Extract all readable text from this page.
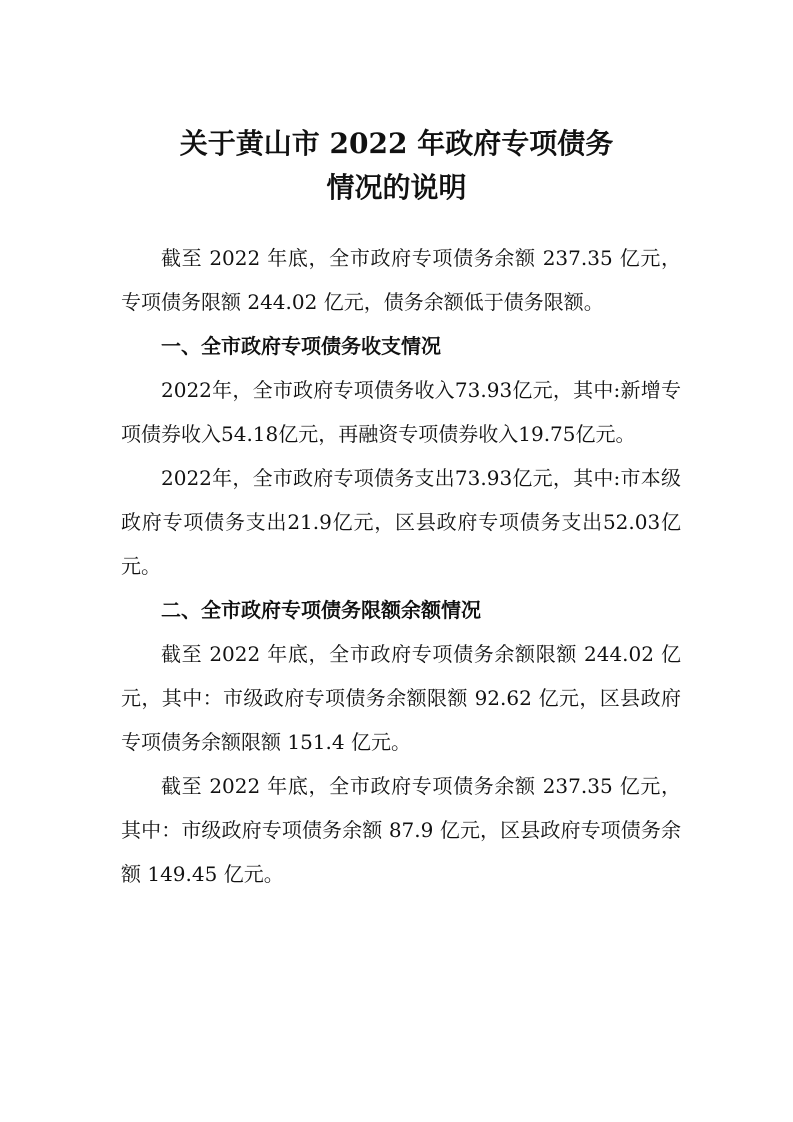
关于黄山市 2022 年政府专项债务
情况的说明

截至 2022 年底，全市政府专项债务余额 237.35 亿元，专项债务限额 244.02 亿元，债务余额低于债务限额。

一、全市政府专项债务收支情况

2022年，全市政府专项债务收入73.93亿元，其中:新增专项债券收入54.18亿元，再融资专项债券收入19.75亿元。

2022年，全市政府专项债务支出73.93亿元，其中:市本级政府专项债务支出21.9亿元，区县政府专项债务支出52.03亿元。

二、全市政府专项债务限额余额情况

截至 2022 年底，全市政府专项债务余额限额 244.02 亿元，其中：市级政府专项债务余额限额 92.62 亿元，区县政府专项债务余额限额 151.4 亿元。

截至 2022 年底，全市政府专项债务余额 237.35 亿元，其中：市级政府专项债务余额 87.9 亿元，区县政府专项债务余额 149.45 亿元。
